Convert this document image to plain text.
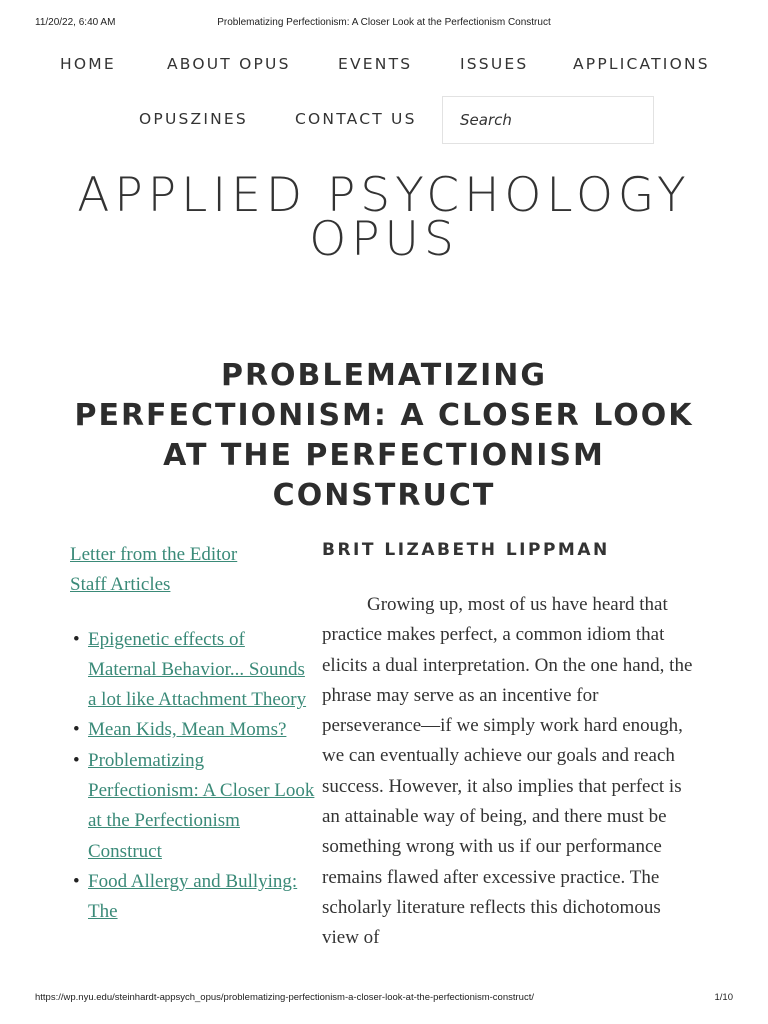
11/20/22, 6:40 AM	Problematizing Perfectionism: A Closer Look at the Perfectionism Construct
HOME	ABOUT OPUS	EVENTS	ISSUES	APPLICATIONS
OPUSZINES	CONTACT US
Search
APPLIED PSYCHOLOGY OPUS
PROBLEMATIZING PERFECTIONISM: A CLOSER LOOK AT THE PERFECTIONISM CONSTRUCT
Letter from the Editor
Staff Articles
• Epigenetic effects of Maternal Behavior... Sounds a lot like Attachment Theory
• Mean Kids, Mean Moms?
• Problematizing Perfectionism: A Closer Look at the Perfectionism Construct
• Food Allergy and Bullying: The
BRIT LIZABETH LIPPMAN

Growing up, most of us have heard that practice makes perfect, a common idiom that elicits a dual interpretation. On the one hand, the phrase may serve as an incentive for perseverance—if we simply work hard enough, we can eventually achieve our goals and reach success. However, it also implies that perfect is an attainable way of being, and there must be something wrong with us if our performance remains flawed after excessive practice. The scholarly literature reflects this dichotomous view of

https://wp.nyu.edu/steinhardt-appsych_opus/problematizing-perfectionism-a-closer-look-at-the-perfectionism-construct/	1/10
